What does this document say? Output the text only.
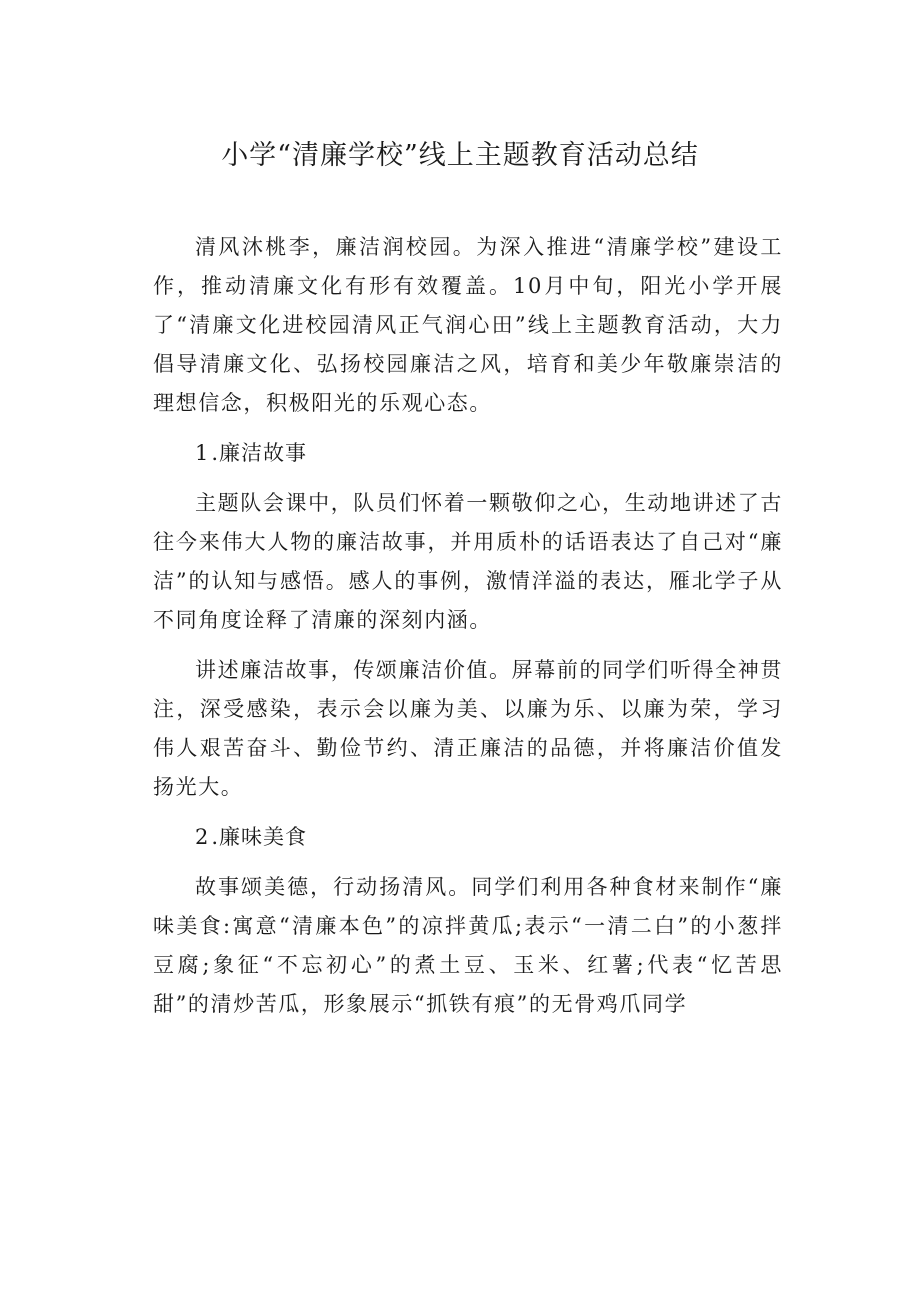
小学“清廉学校”线上主题教育活动总结

清风沐桃李，廉洁润校园。为深入推进“清廉学校”建设工作，推动清廉文化有形有效覆盖。10月中旬，阳光小学开展了“清廉文化进校园清风正气润心田”线上主题教育活动，大力倡导清廉文化、弘扬校园廉洁之风，培育和美少年敬廉崇洁的理想信念，积极阳光的乐观心态。

1.廉洁故事

主题队会课中，队员们怀着一颗敬仰之心，生动地讲述了古往今来伟大人物的廉洁故事，并用质朴的话语表达了自己对“廉洁”的认知与感悟。感人的事例，激情洋溢的表达，雁北学子从不同角度诠释了清廉的深刻内涵。

讲述廉洁故事，传颂廉洁价值。屏幕前的同学们听得全神贯注，深受感染，表示会以廉为美、以廉为乐、以廉为荣，学习伟人艰苦奋斗、勤俭节约、清正廉洁的品德，并将廉洁价值发扬光大。

2.廉味美食

故事颂美德，行动扬清风。同学们利用各种食材来制作“廉味美食:寓意“清廉本色”的凉拌黄瓜;表示“一清二白”的小葱拌豆腐;象征“不忘初心”的煮土豆、玉米、红薯;代表“忆苦思甜”的清炒苦瓜，形象展示“抓铁有痕”的无骨鸡爪同学
